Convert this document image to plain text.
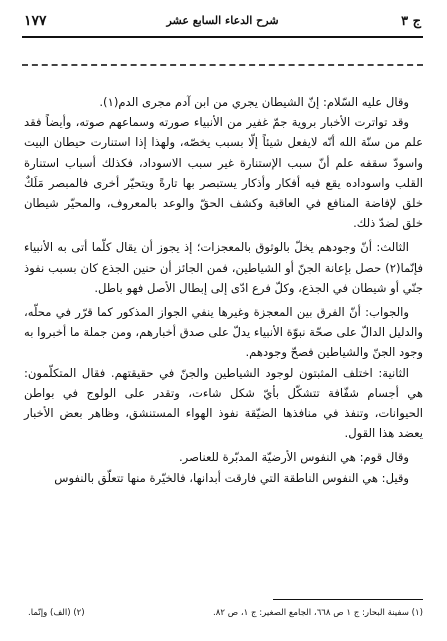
ج ٣
شرح الدعاء السابع عشر
١٧٧

وقال عليه السّلام: إنّ الشيطان يجري من ابن آدم مجرى الدم(١).

وقد تواترت الأخبار بروية جمّ غفير من الأنبياء صورته وسماعهم صوته، وأيضاً فقد علم من سنّة الله أنّه لايفعل شيئاً إلّا بسبب يخصّه، ولهذا إذا استنارت حيطان البيت واسودّ سقفه علم أنّ سبب الإستنارة غير سبب الاسوداد، فكذلك أسباب استنارة القلب واسوداده يقع فيه أفكار وأذكار يستبصر بها تارةً ويتحيّر أخرى فالمبصر مَلَكٌ خلق لإفاضة المنافع في العاقبة وكشف الحقّ والوعد بالمعروف، والمحيّر شيطان خلق لضدّ ذلك.

الثالث: أنّ وجودهم يخلّ بالوثوق بالمعجزات؛ إذ يجوز أن يقال كلّما أتى به الأنبياء فإنّما(٢) حصل بإعانة الجنّ أو الشياطين، فمن الجائز أن حنين الجذع كان بسبب نفوذ جنّي أو شيطان في الجذع، وكلّ فرع ادّى إلى إبطال الأصل فهو باطل.

والجواب: أنّ الفرق بين المعجزة وغيرها ينفي الجواز المذكور كما قرّر في محلّه، والدليل الدالّ على صحّة نبوّة الأنبياء يدلّ على صدق أخبارهم، ومن جملة ما أخبروا به وجود الجنّ والشياطين فصحّ وجودهم.

الثانية: اختلف المثبتون لوجود الشياطين والجنّ في حقيقتهم. فقال المتكلّمون: هي أجسام شفّافة تتشكّل بأيّ شكل شاءت، وتقدر على الولوج في بواطن الحيوانات، وتنفذ في منافذها الضيّقة نفوذ الهواء المستنشق، وظاهر بعض الأخبار يعضد هذا القول.

وقال قوم: هي النفوس الأرضيّة المدبّرة للعناصر.

وقيل: هي النفوس الناطقة التي فارقت أبدانها، فالخيّرة منها تتعلّق بالنفوس

(١) سفينة البحار: ج ١ ص ٦٦٨، الجامع الصغير: ج ١، ص ٨٢.
(٢) (الف) وإنّما.
